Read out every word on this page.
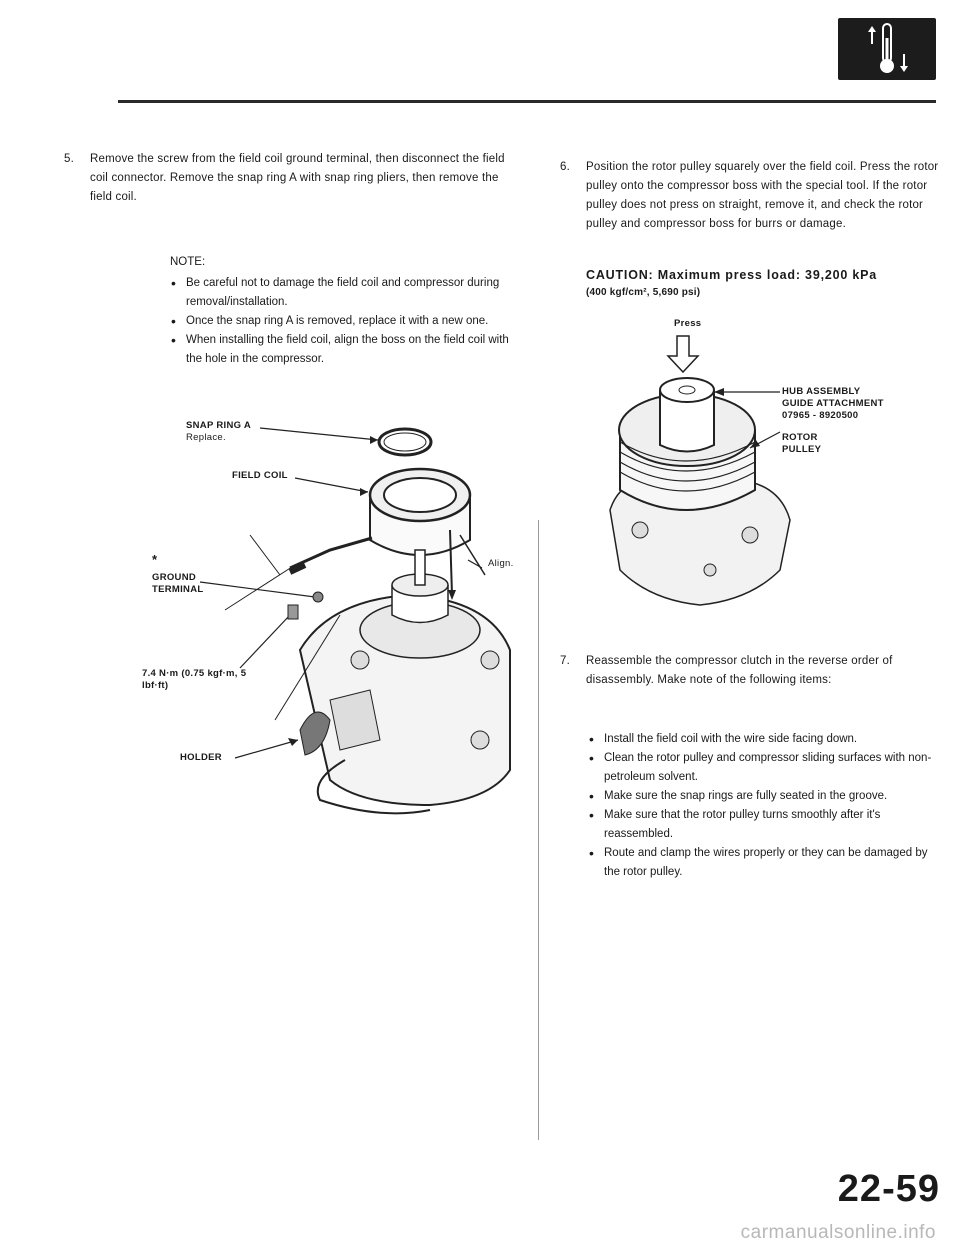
5. Remove the screw from the field coil ground terminal, then disconnect the field coil connector. Remove the snap ring A with snap ring pliers, then remove the field coil.
NOTE:
• Be careful not to damage the field coil and compressor during removal/installation.
• Once the snap ring A is removed, replace it with a new one.
• When installing the field coil, align the boss on the field coil with the hole in the compressor.
SNAP RING A
Replace.
FIELD COIL
*
GROUND TERMINAL
Align.
7.4 N·m (0.75 kgf·m, 5 lbf·ft)
HOLDER
6. Position the rotor pulley squarely over the field coil. Press the rotor pulley onto the compressor boss with the special tool. If the rotor pulley does not press on straight, remove it, and check the rotor pulley and compressor boss for burrs or damage.
CAUTION: Maximum press load: 39,200 kPa
(400 kgf/cm², 5,690 psi)
Press
HUB ASSEMBLY
GUIDE ATTACHMENT
07965 - 8920500
ROTOR PULLEY
7. Reassemble the compressor clutch in the reverse order of disassembly. Make note of the following items:
• Install the field coil with the wire side facing down.
• Clean the rotor pulley and compressor sliding surfaces with non-petroleum solvent.
• Make sure the snap rings are fully seated in the groove.
• Make sure that the rotor pulley turns smoothly after it's reassembled.
• Route and clamp the wires properly or they can be damaged by the rotor pulley.
22-59
carmanualsonline.info
